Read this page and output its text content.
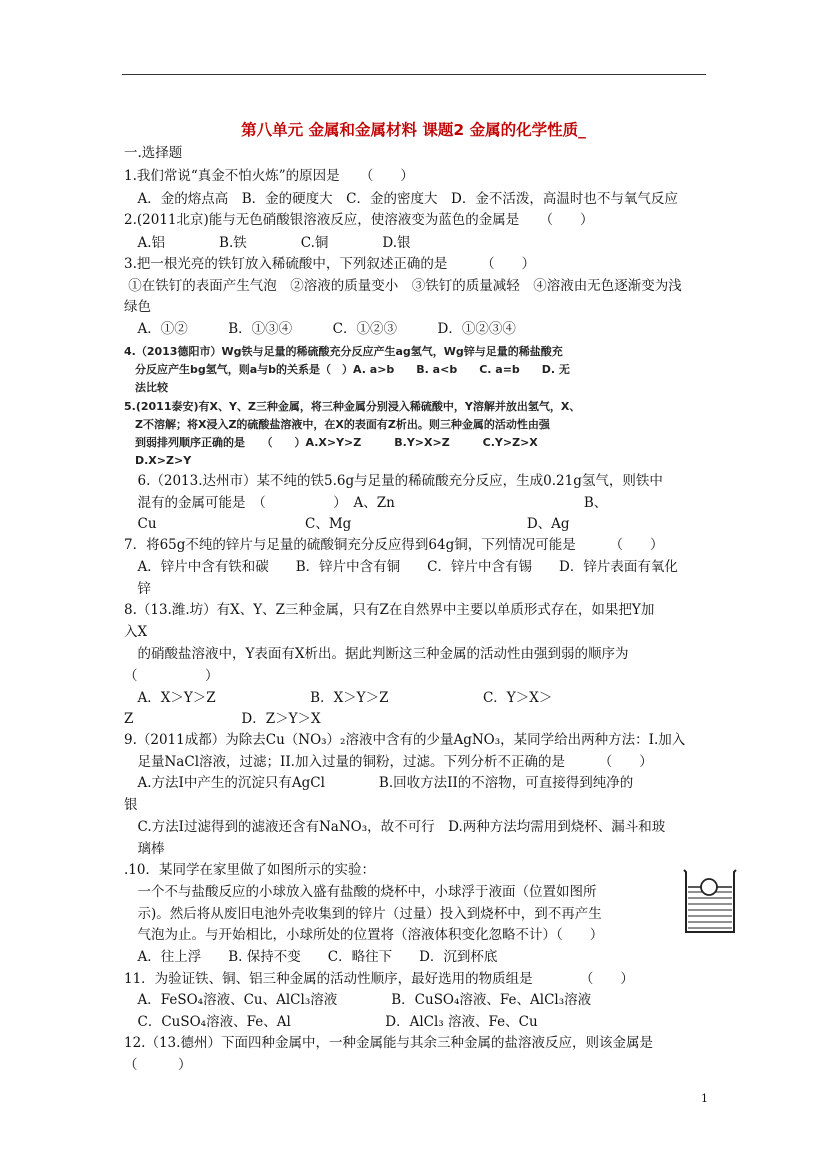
第八单元 金属和金属材料 课题2 金属的化学性质_
一.选择题
1.我们常说“真金不怕火炼”的原因是　　（　　）
　A．金的熔点高　B．金的硬度大　C．金的密度大　D．金不活泼，高温时也不与氧气反应
2.(2011北京)能与无色硝酸银溶液反应，使溶液变为蓝色的金属是　　（　　）
　A.铝　　　　B.铁　　　　C.铜　　　　D.银
3.把一根光亮的铁钉放入稀硫酸中，下列叙述正确的是　　　（　　）
①在铁钉的表面产生气泡　②溶液的质量变小　③铁钉的质量减轻　④溶液由无色逐渐变为浅
绿色
　A．①②　　　B．①③④　　　C．①②③　　　D．①②③④
4.（2013德阳市）Wg铁与足量的稀硫酸充分反应产生ag氢气，Wg锌与足量的稀盐酸充
　分反应产生bg氢气，则a与b的关系是（　）A. a>b　　B. a<b　　C. a=b　　D. 无
　法比较
5.(2011泰安)有X、Y、Z三种金属，将三种金属分别浸入稀硫酸中，Y溶解并放出氢气，X、
　Z不溶解；将X浸入Z的硫酸盐溶液中，在X的表面有Z析出。则三种金属的活动性由强
　到弱排列顺序正确的是　　（　　）A.X>Y>Z　　　B.Y>X>Z　　　C.Y>Z>X
　D.X>Z>Y
　6.（2013.达州市）某不纯的铁5.6g与足量的稀硫酸充分反应，生成0.21g氢气，则铁中
　混有的金属可能是　（　　　　　）　A、Zn　　　　　　　　　　　　　　B、
　Cu　　　　　　　　　　　C、Mg　　　　　　　　　　　　　D、Ag
7．将65g不纯的锌片与足量的硫酸铜充分反应得到64g铜，下列情况可能是　　　（　　）
　A．锌片中含有铁和碳　　B．锌片中含有铜　　C．锌片中含有锡　　D．锌片表面有氧化
　锌
8.（13.潍.坊）有X、Y、Z三种金属，只有Z在自然界中主要以单质形式存在，如果把Y加
入X
　的硝酸盐溶液中，Y表面有X析出。据此判断这三种金属的活动性由强到弱的顺序为
（　　　　　）
　A．X＞Y＞Z　　　　　　　B．X＞Y＞Z　　　　　　　C．Y＞X＞
Z　　　　　　　　D．Z＞Y＞X
9.（2011成都）为除去Cu（NO₃）₂溶液中含有的少量AgNO₃，某同学给出两种方法：I.加入
　足量NaCl溶液，过滤；II.加入过量的铜粉，过滤。下列分析不正确的是　　　（　　）
　A.方法I中产生的沉淀只有AgCl　　　　B.回收方法II的不溶物，可直接得到纯净的
银
　C.方法I过滤得到的滤液还含有NaNO₃，故不可行　D.两种方法均需用到烧杯、漏斗和玻
　璃棒
.10．某同学在家里做了如图所示的实验：
　一个不与盐酸反应的小球放入盛有盐酸的烧杯中，小球浮于液面（位置如图所
　示)。然后将从废旧电池外壳收集到的锌片（过量）投入到烧杯中，到不再产生
　气泡为止。与开始相比，小球所处的位置将（溶液体积变化忽略不计）（　　）
　A．往上浮　　B. 保持不变　　C．略往下　　D．沉到杯底
11．为验证铁、铜、铝三种金属的活动性顺序，最好选用的物质组是　　　　（　　）
　A．FeSO₄溶液、Cu、AlCl₃溶液　　　　B．CuSO₄溶液、Fe、AlCl₃溶液
　C．CuSO₄溶液、Fe、Al　　　　　　　D．AlCl₃ 溶液、Fe、Cu
12.（13.德州）下面四种金属中，一种金属能与其余三种金属的盐溶液反应，则该金属是
（　　　）
1
